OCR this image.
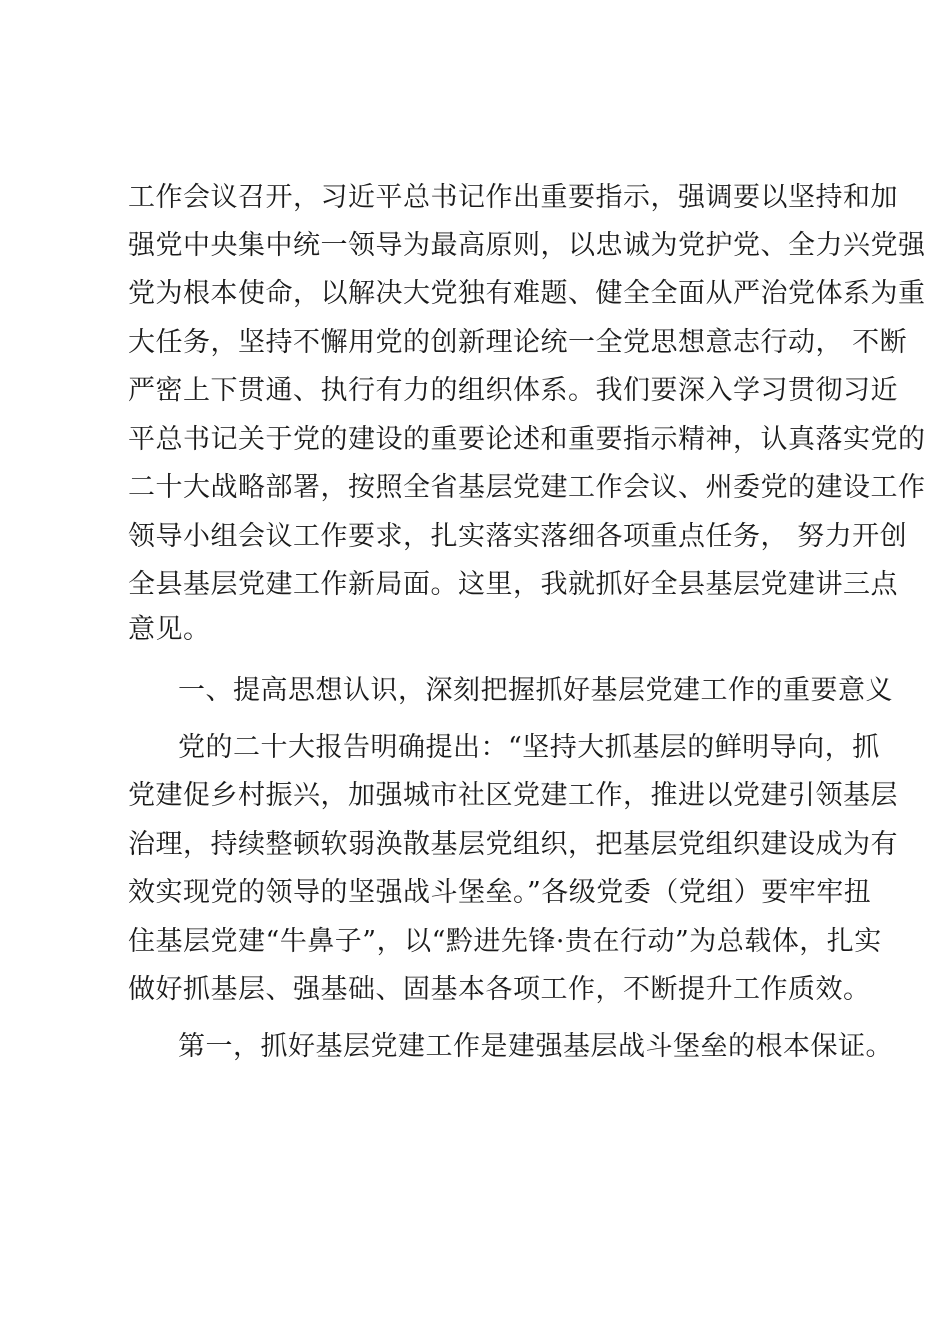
工作会议召开，习近平总书记作出重要指示，强调要以坚持和加
强党中央集中统一领导为最高原则，以忠诚为党护党、全力兴党强
党为根本使命，以解决大党独有难题、健全全面从严治党体系为重
大任务，坚持不懈用党的创新理论统一全党思想意志行动， 不断
严密上下贯通、执行有力的组织体系。我们要深入学习贯彻习近
平总书记关于党的建设的重要论述和重要指示精神，认真落实党的
二十大战略部署，按照全省基层党建工作会议、州委党的建设工作
领导小组会议工作要求，扎实落实落细各项重点任务， 努力开创
全县基层党建工作新局面。这里，我就抓好全县基层党建讲三点
意见。
一、提高思想认识，深刻把握抓好基层党建工作的重要意义
党的二十大报告明确提出：“坚持大抓基层的鲜明导向，抓
党建促乡村振兴，加强城市社区党建工作，推进以党建引领基层
治理，持续整顿软弱涣散基层党组织，把基层党组织建设成为有
效实现党的领导的坚强战斗堡垒。”各级党委（党组）要牢牢扭
住基层党建“牛鼻子”，以“黔进先锋·贵在行动”为总载体，扎实
做好抓基层、强基础、固基本各项工作，不断提升工作质效。
第一，抓好基层党建工作是建强基层战斗堡垒的根本保证。
